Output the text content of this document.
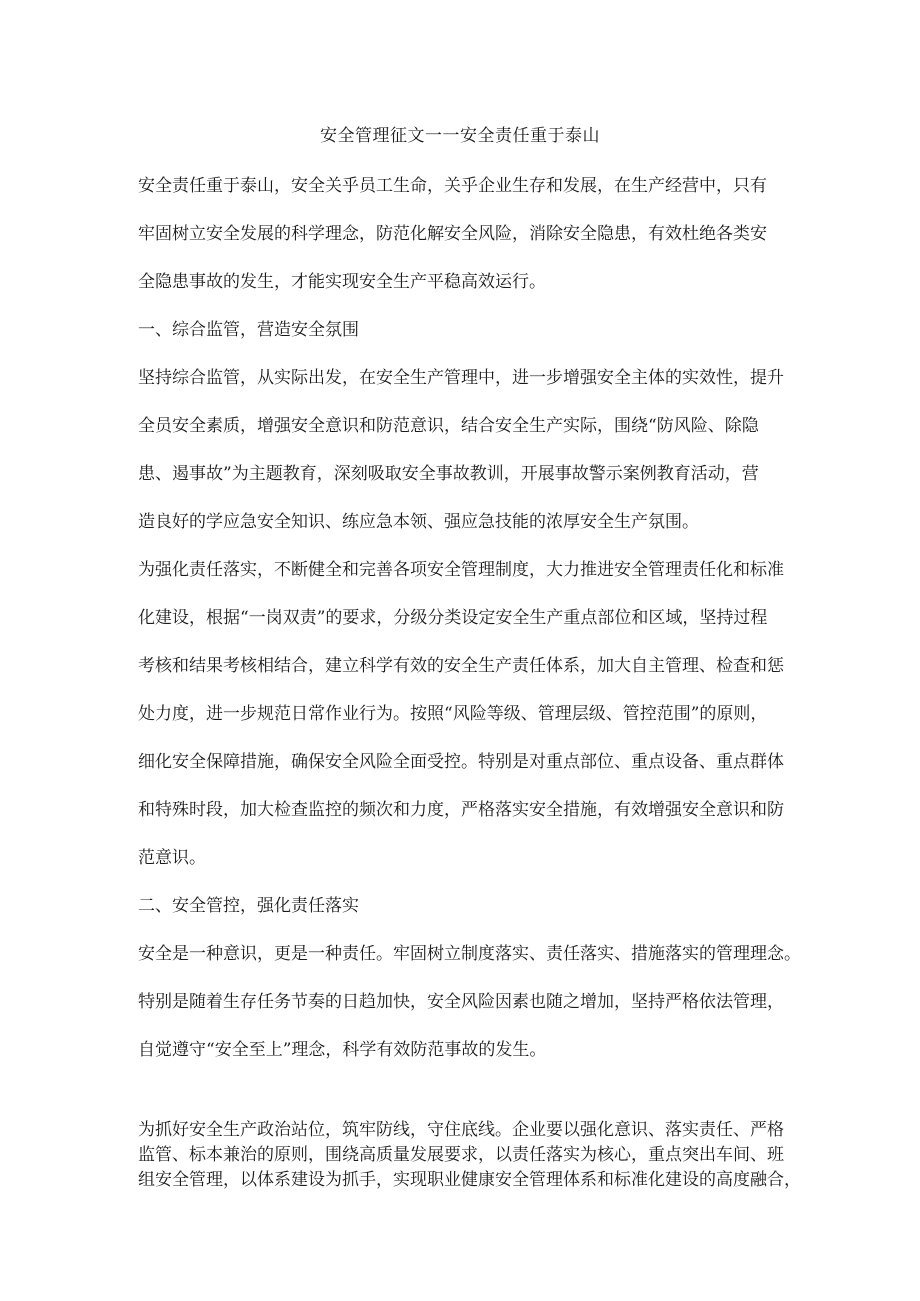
安全管理征文一一安全责任重于泰山
安全责任重于泰山，安全关乎员工生命，关乎企业生存和发展，在生产经营中，只有
牢固树立安全发展的科学理念，防范化解安全风险，消除安全隐患，有效杜绝各类安
全隐患事故的发生，才能实现安全生产平稳高效运行。
一、综合监管，营造安全氛围
坚持综合监管，从实际出发，在安全生产管理中，进一步增强安全主体的实效性，提升
全员安全素质，增强安全意识和防范意识，结合安全生产实际，围绕“防风险、除隐
患、遏事故”为主题教育，深刻吸取安全事故教训，开展事故警示案例教育活动，营
造良好的学应急安全知识、练应急本领、强应急技能的浓厚安全生产氛围。
为强化责任落实，不断健全和完善各项安全管理制度，大力推进安全管理责任化和标准
化建设，根据“一岗双责”的要求，分级分类设定安全生产重点部位和区域，坚持过程
考核和结果考核相结合，建立科学有效的安全生产责任体系，加大自主管理、检查和惩
处力度，进一步规范日常作业行为。按照“风险等级、管理层级、管控范围”的原则，
细化安全保障措施，确保安全风险全面受控。特别是对重点部位、重点设备、重点群体
和特殊时段，加大检查监控的频次和力度，严格落实安全措施，有效增强安全意识和防
范意识。
二、安全管控，强化责任落实
安全是一种意识，更是一种责任。牢固树立制度落实、责任落实、措施落实的管理理念。
特别是随着生存任务节奏的日趋加快，安全风险因素也随之增加，坚持严格依法管理，
自觉遵守“安全至上”理念，科学有效防范事故的发生。
为抓好安全生产政治站位，筑牢防线，守住底线。企业要以强化意识、落实责任、严格
监管、标本兼治的原则，围绕高质量发展要求，以责任落实为核心，重点突出车间、班
组安全管理，以体系建设为抓手，实现职业健康安全管理体系和标准化建设的高度融合，
